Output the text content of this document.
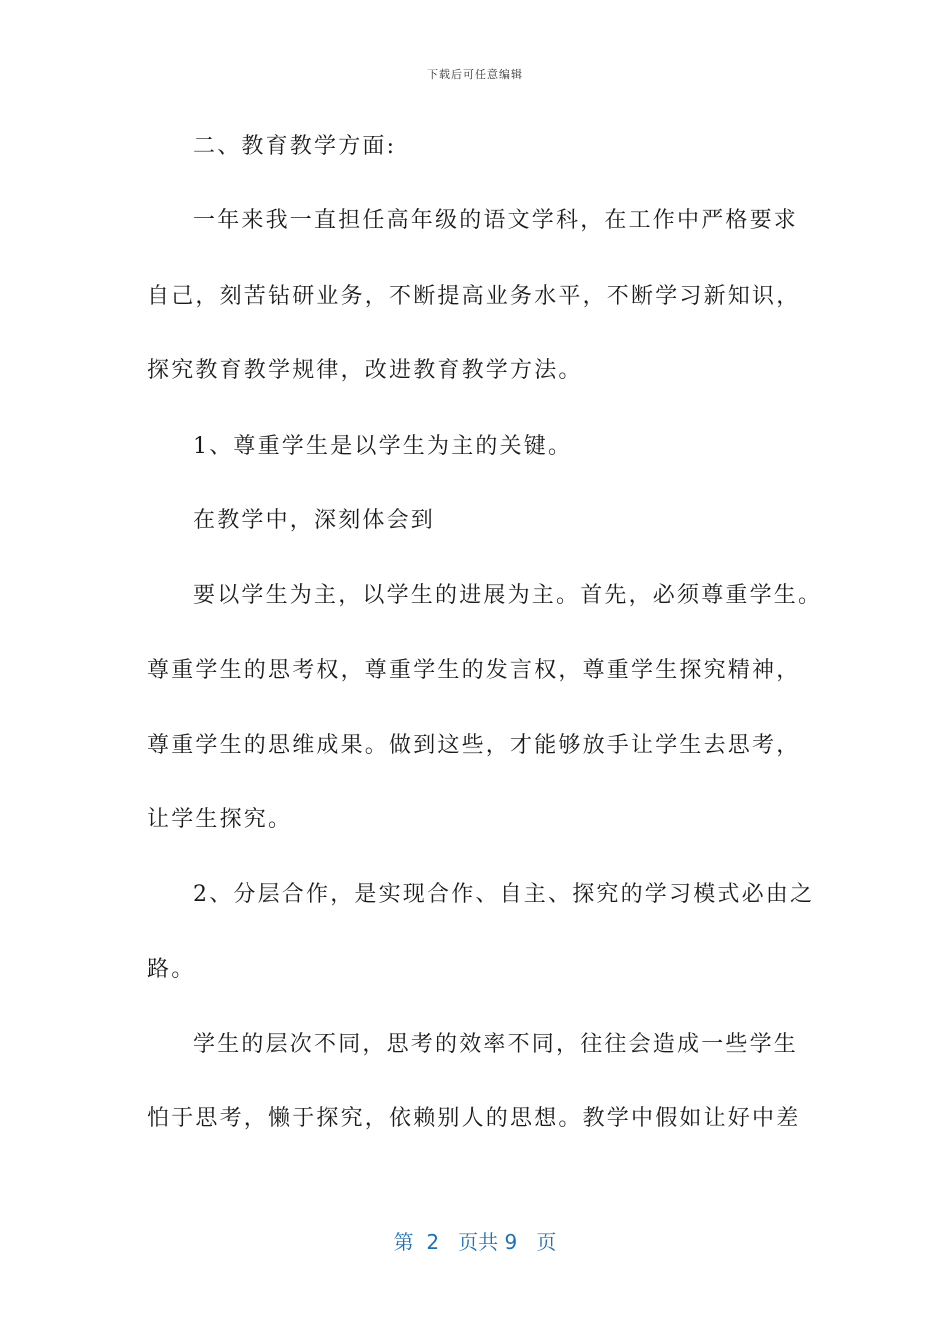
下载后可任意编辑
二、教育教学方面:
一年来我一直担任高年级的语文学科，在工作中严格要求
自己，刻苦钻研业务，不断提高业务水平，不断学习新知识，
探究教育教学规律，改进教育教学方法。
1、尊重学生是以学生为主的关键。
在教学中，深刻体会到
要以学生为主，以学生的进展为主。首先，必须尊重学生。
尊重学生的思考权，尊重学生的发言权，尊重学生探究精神，
尊重学生的思维成果。做到这些，才能够放手让学生去思考，
让学生探究。
2、分层合作，是实现合作、自主、探究的学习模式必由之
路。
学生的层次不同，思考的效率不同，往往会造成一些学生
怕于思考，懒于探究，依赖别人的思想。教学中假如让好中差
第 2 页共 9 页
